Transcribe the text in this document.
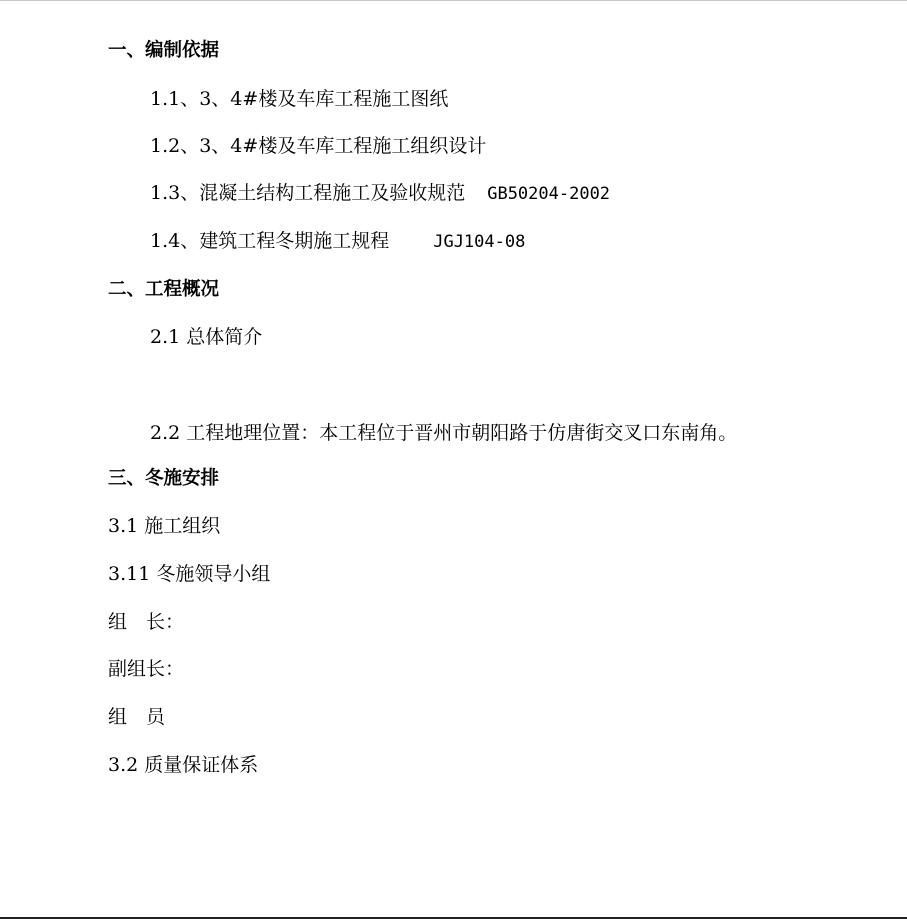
一、编制依据
1.1、3、4#楼及车库工程施工图纸
1.2、3、4#楼及车库工程施工组织设计
1.3、混凝土结构工程施工及验收规范 GB50204-2002
1.4、建筑工程冬期施工规程	JGJ104-08
二、工程概况
2.1 总体简介
2.2 工程地理位置：本工程位于晋州市朝阳路于仿唐街交叉口东南角。
三、冬施安排
3.1 施工组织
3.11 冬施领导小组
组　长：
副组长：
组　员
3.2 质量保证体系
